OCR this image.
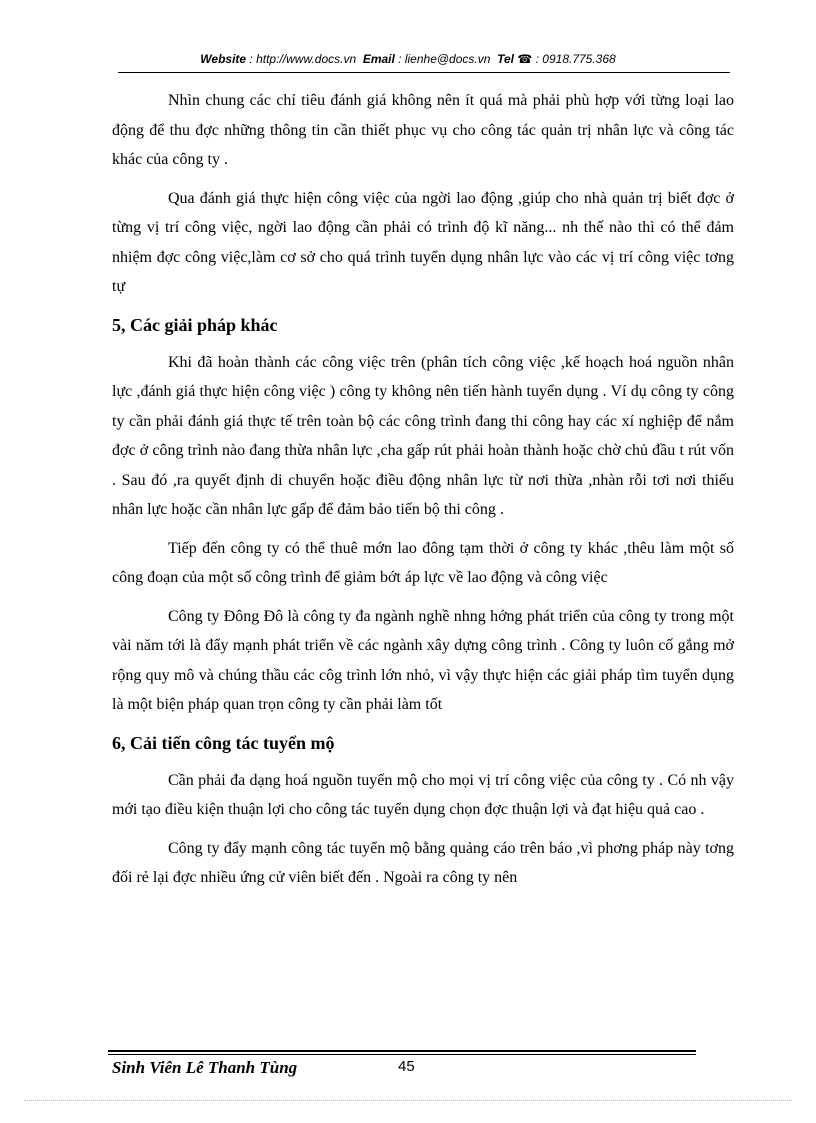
Website : http://www.docs.vn Email : lienhe@docs.vn Tel ☎ : 0918.775.368

Nhìn chung các chỉ tiêu đánh giá không nên ít quá mà phải phù hợp với từng loại lao động để thu đợc những thông tin cần thiết phục vụ cho công tác quản trị nhân lực và công tác khác của công ty .

Qua đánh giá thực hiện công việc của ngời lao động ,giúp cho nhà quản trị biết đợc ở từng vị trí công việc, ngời lao động cần phải có trình độ kĩ năng... nh thế nào thì có thể đảm nhiệm đợc công việc,làm cơ sở cho quá trình tuyển dụng nhân lực vào các vị trí công việc tơng tự

5, Các giải pháp khác

Khi đã hoàn thành các công việc trên (phân tích công việc ,kế hoạch hoá nguồn nhân lực ,đánh giá thực hiện công việc ) công ty không nên tiến hành tuyển dụng . Ví dụ công ty công ty cần phải đánh giá thực tế trên toàn bộ các công trình đang thi công hay các xí nghiệp để nắm đợc ở công trình nào đang thừa nhân lực ,cha gấp rút phải hoàn thành hoặc chờ chủ đầu t rút vốn . Sau đó ,ra quyết định di chuyển hoặc điều động nhân lực từ nơi thừa ,nhàn rỗi tơi nơi thiếu nhân lực hoặc cần nhân lực gấp để đảm bảo tiến bộ thi công .

Tiếp đến công ty có thể thuê mớn lao đông tạm thời ở công ty khác ,thêu làm một số công đoạn của một số công trình để giảm bớt áp lực về lao động và công việc

Công ty Đông Đô là công ty đa ngành nghề nhng hớng phát triển của công ty trong một vài năm tới là đẩy mạnh phát triển về các ngành xây dựng công trình . Công ty luôn cố gắng mở rộng quy mô và chúng thầu các côg trình lớn nhỏ, vì vậy thực hiện các giải pháp tìm tuyển dụng là một biện pháp quan trọn công ty cần phải làm tốt

6, Cải tiến công tác tuyển mộ

Cần phải đa dạng hoá nguồn tuyển mộ cho mọi vị trí công việc của công ty . Có nh vậy mới tạo điều kiện thuận lợi cho công tác tuyển dụng chọn đợc thuận lợi và đạt hiệu quả cao .

Công ty đẩy mạnh công tác tuyển mộ bằng quảng cáo trên báo ,vì phơng pháp này tơng đối rẻ lại đợc nhiều ứng cử viên biết đến . Ngoài ra công ty nên

Sinh Viên Lê Thanh Tùng	45
